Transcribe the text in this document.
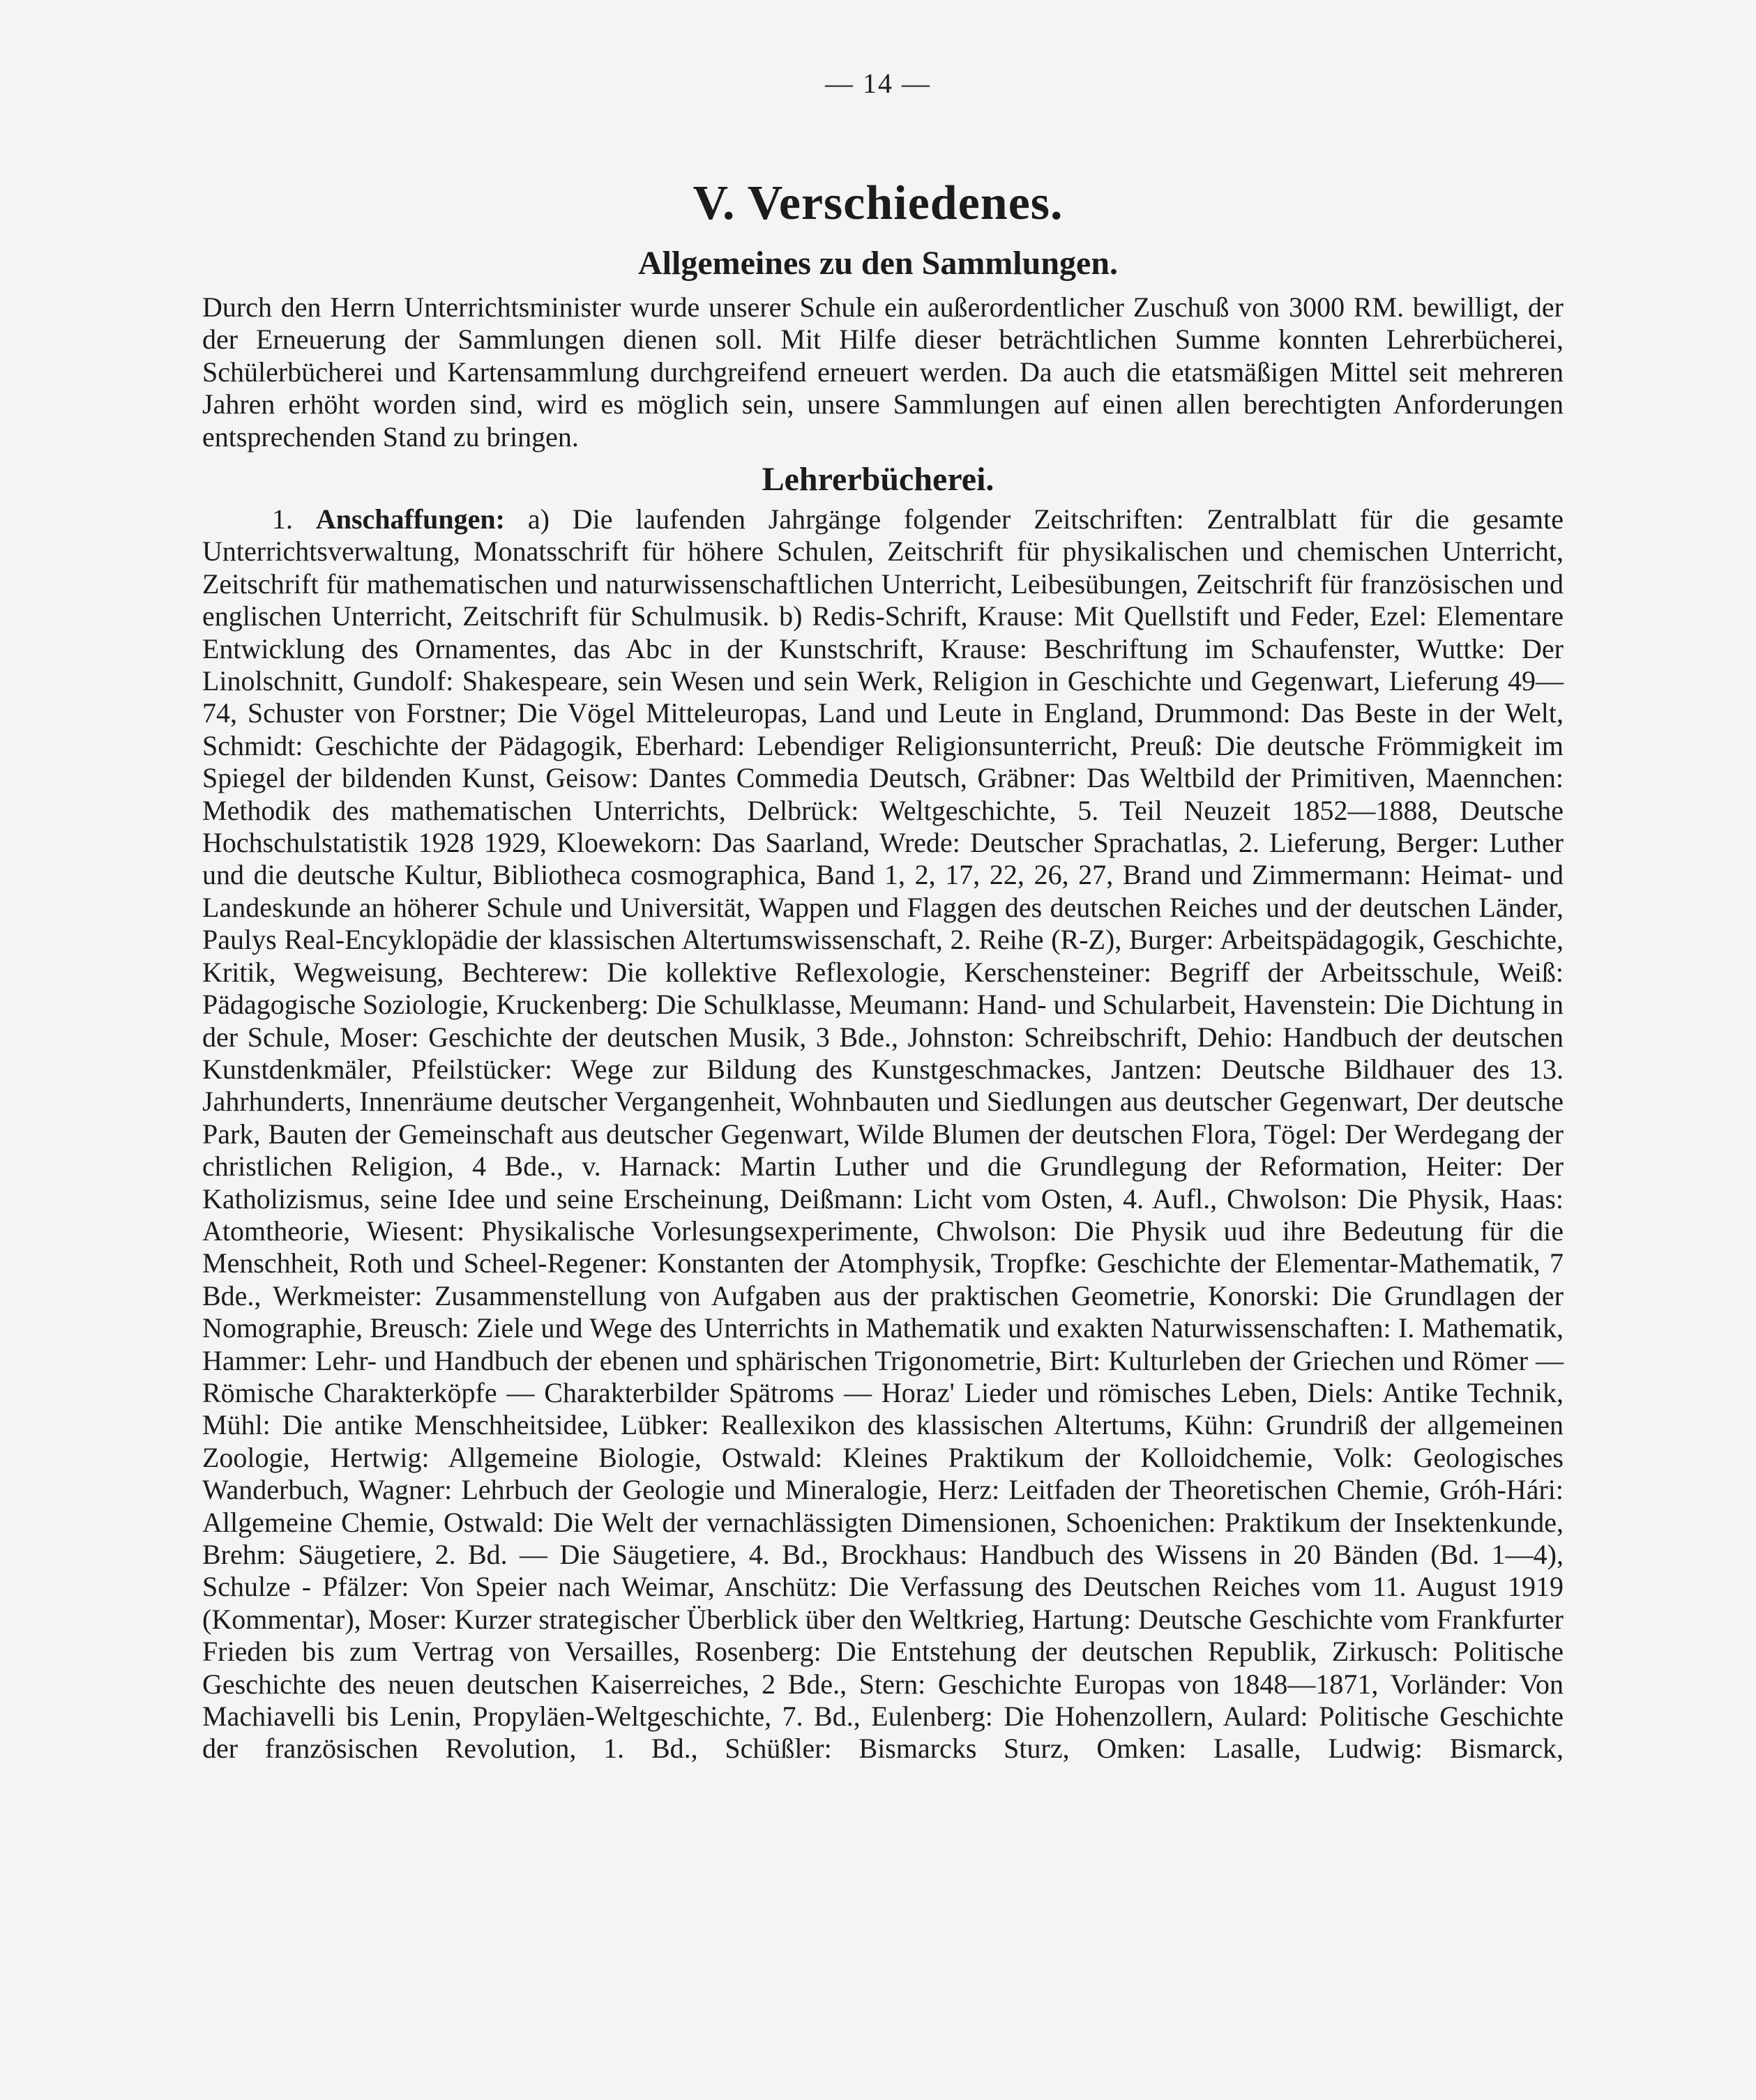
— 14 —
V. Verschiedenes.
Allgemeines zu den Sammlungen.
Durch den Herrn Unterrichtsminister wurde unserer Schule ein außerordentlicher Zuschuß von 3000 RM. bewilligt, der der Erneuerung der Sammlungen dienen soll. Mit Hilfe dieser beträchtlichen Summe konnten Lehrerbücherei, Schülerbücherei und Kartensammlung durchgreifend erneuert werden. Da auch die etatsmäßigen Mittel seit mehreren Jahren erhöht worden sind, wird es möglich sein, unsere Sammlungen auf einen allen berechtigten Anforderungen entsprechenden Stand zu bringen.
Lehrerbücherei.
1. Anschaffungen: a) Die laufenden Jahrgänge folgender Zeitschriften: Zentralblatt für die gesamte Unterrichtsverwaltung, Monatsschrift für höhere Schulen, Zeitschrift für physikalischen und chemischen Unterricht, Zeitschrift für mathematischen und naturwissenschaftlichen Unterricht, Leibesübungen, Zeitschrift für französischen und englischen Unterricht, Zeitschrift für Schulmusik. b) Redis-Schrift, Krause: Mit Quellstift und Feder, Ezel: Elementare Entwicklung des Ornamentes, das Abc in der Kunstschrift, Krause: Beschriftung im Schaufenster, Wuttke: Der Linolschnitt, Gundolf: Shakespeare, sein Wesen und sein Werk, Religion in Geschichte und Gegenwart, Lieferung 49—74, Schuster von Forstner; Die Vögel Mitteleuropas, Land und Leute in England, Drummond: Das Beste in der Welt, Schmidt: Geschichte der Pädagogik, Eberhard: Lebendiger Religionsunterricht, Preuß: Die deutsche Frömmigkeit im Spiegel der bildenden Kunst, Geisow: Dantes Commedia Deutsch, Gräbner: Das Weltbild der Primitiven, Maennchen: Methodik des mathematischen Unterrichts, Delbrück: Weltgeschichte, 5. Teil Neuzeit 1852—1888, Deutsche Hochschulstatistik 1928 1929, Kloewekorn: Das Saarland, Wrede: Deutscher Sprachatlas, 2. Lieferung, Berger: Luther und die deutsche Kultur, Bibliotheca cosmographica, Band 1, 2, 17, 22, 26, 27, Brand und Zimmermann: Heimat- und Landeskunde an höherer Schule und Universität, Wappen und Flaggen des deutschen Reiches und der deutschen Länder, Paulys Real-Encyklopädie der klassischen Altertumswissenschaft, 2. Reihe (R-Z), Burger: Arbeitspädagogik, Geschichte, Kritik, Wegweisung, Bechterew: Die kollektive Reflexologie, Kerschensteiner: Begriff der Arbeitsschule, Weiß: Pädagogische Soziologie, Kruckenberg: Die Schulklasse, Meumann: Hand- und Schularbeit, Havenstein: Die Dichtung in der Schule, Moser: Geschichte der deutschen Musik, 3 Bde., Johnston: Schreibschrift, Dehio: Handbuch der deutschen Kunstdenkmäler, Pfeilstücker: Wege zur Bildung des Kunstgeschmackes, Jantzen: Deutsche Bildhauer des 13. Jahrhunderts, Innenräume deutscher Vergangenheit, Wohnbauten und Siedlungen aus deutscher Gegenwart, Der deutsche Park, Bauten der Gemeinschaft aus deutscher Gegenwart, Wilde Blumen der deutschen Flora, Tögel: Der Werdegang der christlichen Religion, 4 Bde., v. Harnack: Martin Luther und die Grundlegung der Reformation, Heiter: Der Katholizismus, seine Idee und seine Erscheinung, Deißmann: Licht vom Osten, 4. Aufl., Chwolson: Die Physik, Haas: Atomtheorie, Wiesent: Physikalische Vorlesungsexperimente, Chwolson: Die Physik uud ihre Bedeutung für die Menschheit, Roth und Scheel-Regener: Konstanten der Atomphysik, Tropfke: Geschichte der Elementar-Mathematik, 7 Bde., Werkmeister: Zusammenstellung von Aufgaben aus der praktischen Geometrie, Konorski: Die Grundlagen der Nomographie, Breusch: Ziele und Wege des Unterrichts in Mathematik und exakten Naturwissenschaften: I. Mathematik, Hammer: Lehr- und Handbuch der ebenen und sphärischen Trigonometrie, Birt: Kulturleben der Griechen und Römer — Römische Charakterköpfe — Charakterbilder Spätroms — Horaz' Lieder und römisches Leben, Diels: Antike Technik, Mühl: Die antike Menschheitsidee, Lübker: Reallexikon des klassischen Altertums, Kühn: Grundriß der allgemeinen Zoologie, Hertwig: Allgemeine Biologie, Ostwald: Kleines Praktikum der Kolloidchemie, Volk: Geologisches Wanderbuch, Wagner: Lehrbuch der Geologie und Mineralogie, Herz: Leitfaden der Theoretischen Chemie, Gróh-Hári: Allgemeine Chemie, Ostwald: Die Welt der vernachlässigten Dimensionen, Schoenichen: Praktikum der Insektenkunde, Brehm: Säugetiere, 2. Bd. — Die Säugetiere, 4. Bd., Brockhaus: Handbuch des Wissens in 20 Bänden (Bd. 1—4), Schulze - Pfälzer: Von Speier nach Weimar, Anschütz: Die Verfassung des Deutschen Reiches vom 11. August 1919 (Kommentar), Moser: Kurzer strategischer Überblick über den Weltkrieg, Hartung: Deutsche Geschichte vom Frankfurter Frieden bis zum Vertrag von Versailles, Rosenberg: Die Entstehung der deutschen Republik, Zirkusch: Politische Geschichte des neuen deutschen Kaiserreiches, 2 Bde., Stern: Geschichte Europas von 1848—1871, Vorländer: Von Machiavelli bis Lenin, Propyläen-Weltgeschichte, 7. Bd., Eulenberg: Die Hohenzollern, Aulard: Politische Geschichte der französischen Revolution, 1. Bd., Schüßler: Bismarcks Sturz, Omken: Lasalle, Ludwig: Bismarck,
